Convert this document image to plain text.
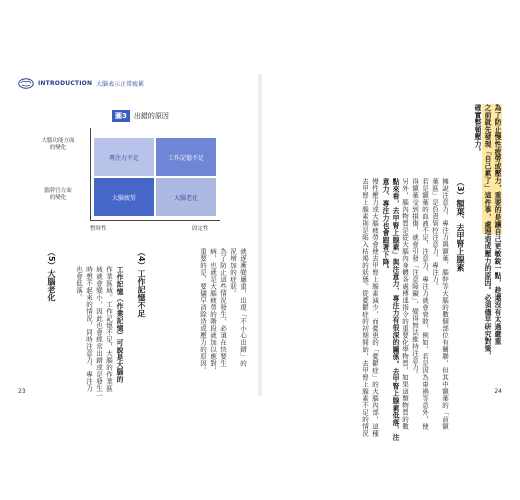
INTRODUCTION 大腦表示正常疲累
圖3	出錯的原因
大腦功能方面
的變化
腦幹官方面
的變化
專注力不足	工作記憶不足
大腦疲勞	大腦老化
暫時性	固定性
就逐漸變嚴重，出現「不小心出錯」的
況增加的症狀。
為了防止這些情況發生，必須在快要生
病，也就是大腦疲勞的階段就加以應對，
重要的是，要儘早消除造成壓力的原因。
（4）工作記憶不足
工作記憶（作業記憶）可說是大腦的
作業區域。工作記憶不足，大腦的作業區
域就會變小，因此也會經常出錯或是發生一
時想不起來的情況，同時注意力、專注力
也會低落。
（5）大腦老化
23
為了防止慢性疲勞或壓力，重要的是讓自己更敏銳一點，趁還沒有太過嚴重
之前就先發現「自己累了」這件事，處理造成壓力的原因。必須儘早研究對策，
確實整頓壓力。
（3）額葉、去甲腎上腺素
擁說注意力、專注力與額葉、腦幹等大腦的數個部位有關聯，但其中額葉的「前額
葉區」是負責管控注意力、專注力。
若是額葉的血液不足，注意力、專注力就會衰敗，例如，若是因為車禍等意外，使
得額葉受到損傷，就會引發「注意障礙」，變得無法維持注意力。
另外，腦內物質是從大腦內身體各處傳達指令的重要化學物質，如果這類物質的數
點來看，去甲腎上腺素」與注意力、專注力有很深的關係。去甲腎上腺素低落，注
意力、專注力也會跟著下降。
慢性壓力或大腦疲勞會使去甲腎上腺素減少，而憂患的「憂鬱症」的大腦內部，這種
去甲腎上腺素則是陷入枯竭的狀態。從憂鬱症的初期開始，去甲腎上腺素不足的情況	24
